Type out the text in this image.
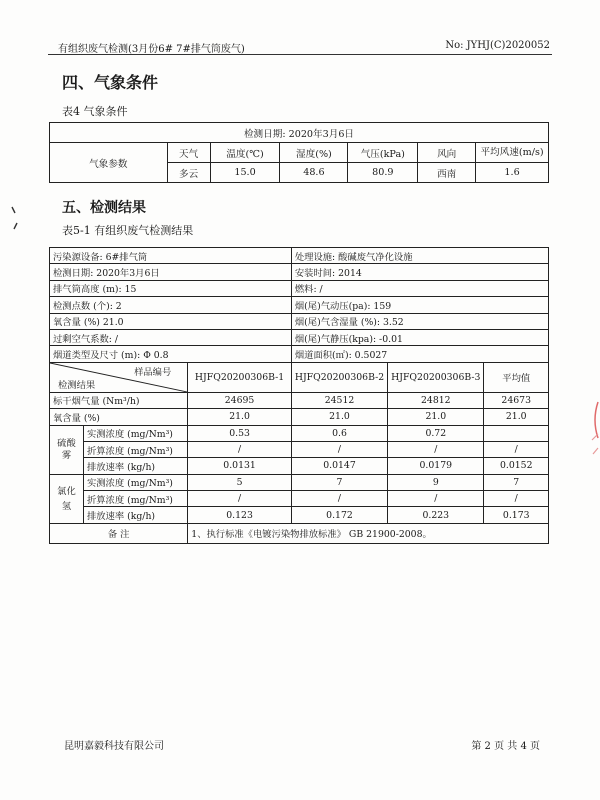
有组织废气检测(3月份6# 7#排气筒废气)	No: JYHJ(C)2020052
四、气象条件
表4 气象条件
检测日期: 2020年3月6日						
气象参数	天气	温度(℃)	湿度(%)	气压(kPa)	风向	平均风速(m/s)
	多云	15.0	48.6	80.9	西南	1.6
五、检测结果
表5-1 有组织废气检测结果
污染源设备: 6#排气筒			处理设施: 酸碱废气净化设施		
检测日期: 2020年3月6日			安装时间: 2014		
排气筒高度 (m): 15			燃料: /		
检测点数 (个): 2			烟(尾)气动压(pa): 159		
氧含量 (%) 21.0			烟(尾)气含湿量 (%): 3.52		
过剩空气系数: /			烟(尾)气静压(kpa): -0.01		
烟道类型及尺寸 (m): Φ 0.8			烟道面积(㎡): 0.5027		

样品编号
检测结果		HJFQ20200306B-1	HJFQ20200306B-2	HJFQ20200306B-3	平均值
标干烟气量 (Nm³/h)		24695	24512	24812	24673
氧含量 (%)		21.0	21.0	21.0	21.0
硫酸雾	实测浓度 (mg/Nm³)	0.53	0.6	0.72	
	折算浓度 (mg/Nm³)	/	/	/	/
	排放速率 (kg/h)	0.0131	0.0147	0.0179	0.0152
氯化氢	实测浓度 (mg/Nm³)	5	7	9	7
	折算浓度 (mg/Nm³)	/	/	/	/
	排放速率 (kg/h)	0.123	0.172	0.223	0.173
备 注		1、执行标准《电镀污染物排放标准》 GB 21900-2008。			
昆明嘉毅科技有限公司	第 2 页 共 4 页
